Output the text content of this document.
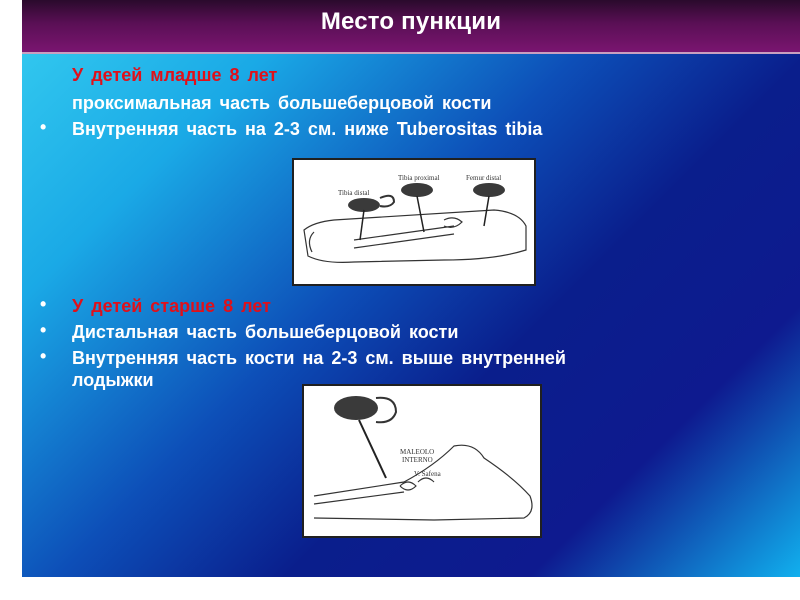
Место пункции
У детей младше 8 лет
проксимальная часть большеберцовой кости
• Внутренняя часть на 2-3 см. ниже Tuberositas tibia
Tibia distal
Tibia proximal	Femur distal
• У детей старше 8 лет
• Дистальная часть большеберцовой кости
• Внутренняя часть кости на 2-3 см. выше внутренней
лодыжки
MALEOLO
INTERNO
V. Safena
